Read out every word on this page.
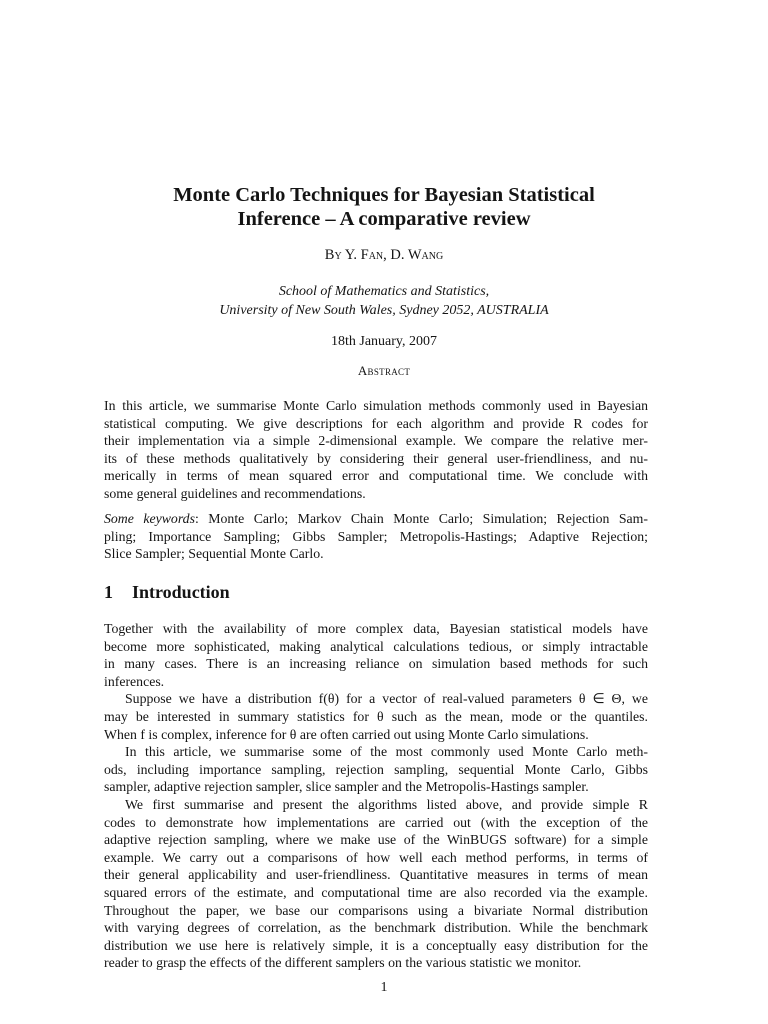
Monte Carlo Techniques for Bayesian Statistical
Inference – A comparative review
By Y. Fan, D. Wang
School of Mathematics and Statistics,
University of New South Wales, Sydney 2052, AUSTRALIA
18th January, 2007
Abstract
In this article, we summarise Monte Carlo simulation methods commonly used in Bayesian
statistical computing. We give descriptions for each algorithm and provide R codes for
their implementation via a simple 2-dimensional example. We compare the relative mer-
its of these methods qualitatively by considering their general user-friendliness, and nu-
merically in terms of mean squared error and computational time. We conclude with
some general guidelines and recommendations.
Some keywords: Monte Carlo; Markov Chain Monte Carlo; Simulation; Rejection Sam-
pling; Importance Sampling; Gibbs Sampler; Metropolis-Hastings; Adaptive Rejection;
Slice Sampler; Sequential Monte Carlo.
1 Introduction
Together with the availability of more complex data, Bayesian statistical models have
become more sophisticated, making analytical calculations tedious, or simply intractable
in many cases. There is an increasing reliance on simulation based methods for such
inferences.
Suppose we have a distribution f(θ) for a vector of real-valued parameters θ ∈ Θ, we
may be interested in summary statistics for θ such as the mean, mode or the quantiles.
When f is complex, inference for θ are often carried out using Monte Carlo simulations.
In this article, we summarise some of the most commonly used Monte Carlo meth-
ods, including importance sampling, rejection sampling, sequential Monte Carlo, Gibbs
sampler, adaptive rejection sampler, slice sampler and the Metropolis-Hastings sampler.
We first summarise and present the algorithms listed above, and provide simple R
codes to demonstrate how implementations are carried out (with the exception of the
adaptive rejection sampling, where we make use of the WinBUGS software) for a simple
example. We carry out a comparisons of how well each method performs, in terms of
their general applicability and user-friendliness. Quantitative measures in terms of mean
squared errors of the estimate, and computational time are also recorded via the example.
Throughout the paper, we base our comparisons using a bivariate Normal distribution
with varying degrees of correlation, as the benchmark distribution. While the benchmark
distribution we use here is relatively simple, it is a conceptually easy distribution for the
reader to grasp the effects of the different samplers on the various statistic we monitor.
1
